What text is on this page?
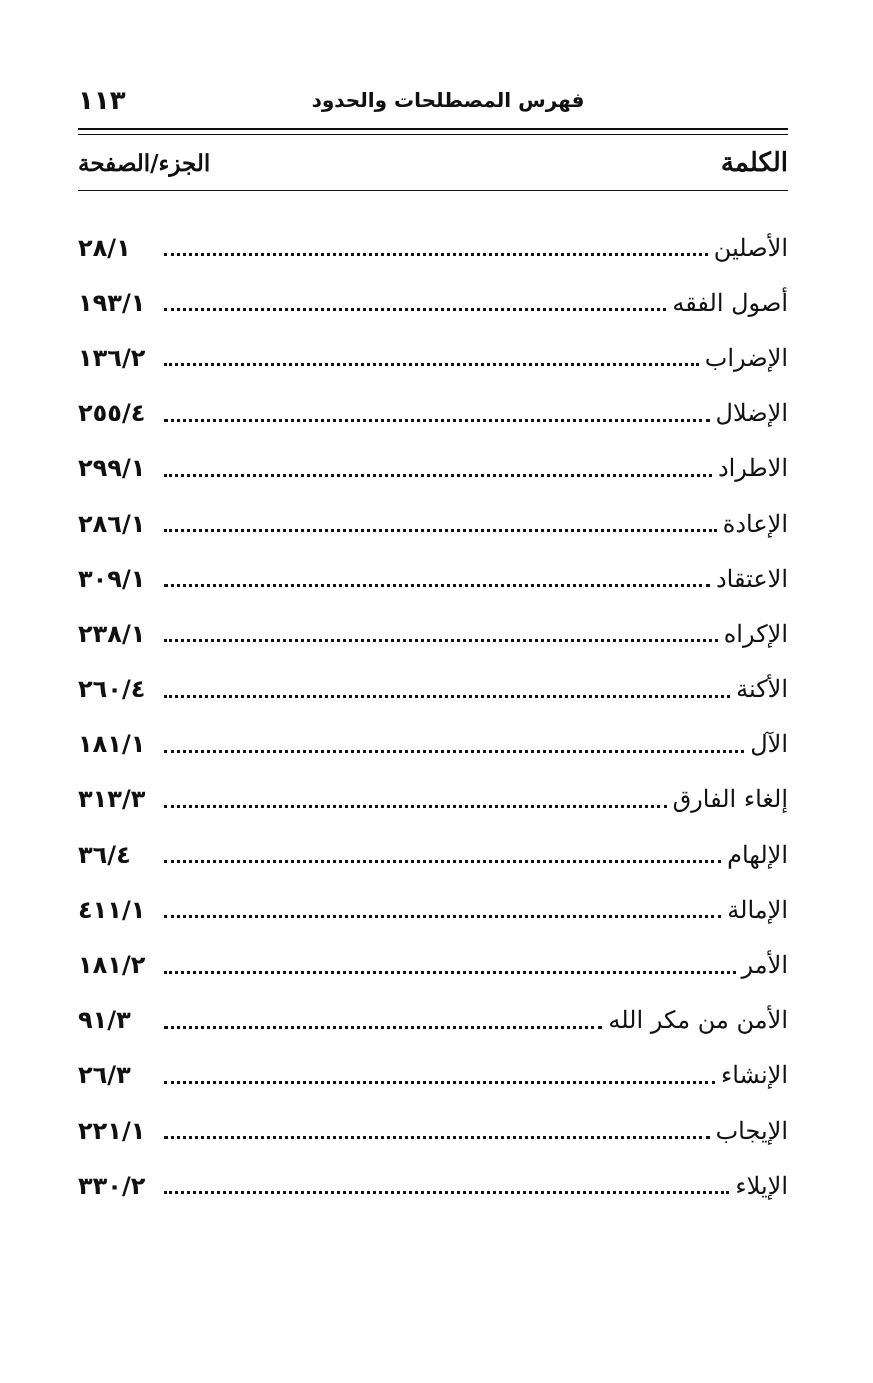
١١٣	فهرس المصطلحات والحدود
الكلمة
الجزء/الصفحة
الأصلين
٢٨/١
أصول الفقه
١٩٣/١
الإضراب
١٣٦/٢
الإضلال
٢٥٥/٤
الاطراد
٢٩٩/١
الإعادة
٢٨٦/١
الاعتقاد
٣٠٩/١
الإكراه
٢٣٨/١
الأكنة
٢٦٠/٤
الآل
١٨١/١
إلغاء الفارق
٣١٣/٣
الإلهام
٣٦/٤
الإمالة
٤١١/١
الأمر
١٨١/٢
الأمن من مكر الله
٩١/٣
الإنشاء
٢٦/٣
الإيجاب
٢٢١/١
الإيلاء
٣٣٠/٢
